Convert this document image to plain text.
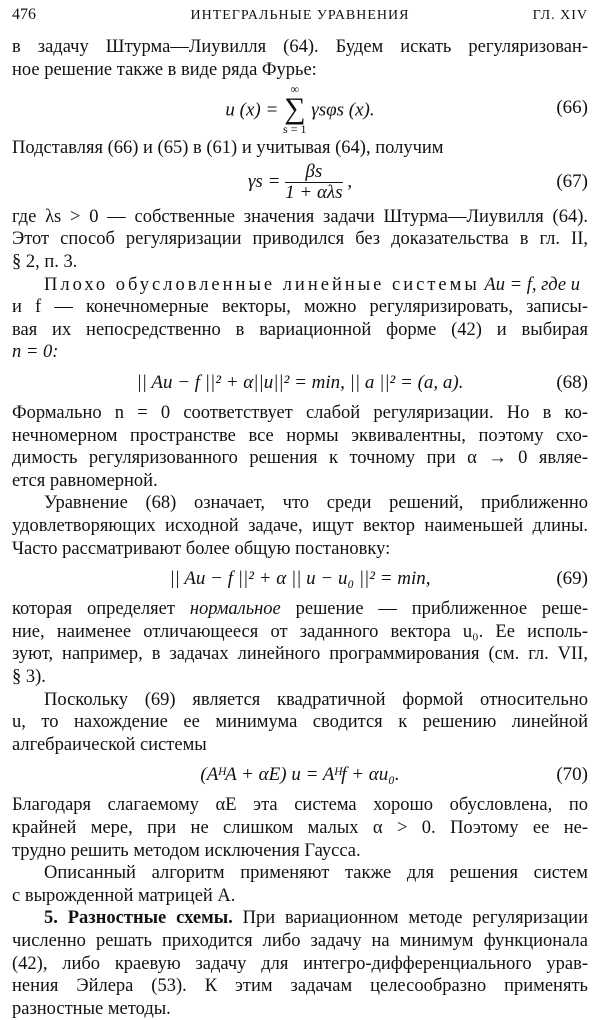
476	ИНТЕГРАЛЬНЫЕ УРАВНЕНИЯ	ГЛ. XIV
в задачу Штурма—Лиувилля (64). Будем искать регуляризован-
ное решение также в виде ряда Фурье:
u (x) =
∞
∑
s = 1
γsφs (x).	(66)
Подставляя (66) и (65) в (61) и учитывая (64), получим
$\gamma s = \frac{\beta s}{\text{1 + αλs}}$ ,	(67)
где λs > 0 — собственные значения задачи Штурма—Лиувилля (64).
Этот способ регуляризации приводился без доказательства в гл. II,
§ 2, п. 3.
Плохо обусловленные линейные системы Au = f, где u
и f — конечномерные векторы, можно регуляризировать, записы-
вая их непосредственно в вариационной форме (42) и выбирая
n = 0:
|| Au − f ||² + α||u||² = min, || a ||² = (a, a).	(68)
Формально n = 0 соответствует слабой регуляризации. Но в ко-
нечномерном пространстве все нормы эквивалентны, поэтому схо-
димость регуляризованного решения к точному при α → 0 являе-
ется равномерной.
Уравнение (68) означает, что среди решений, приближенно
удовлетворяющих исходной задаче, ищут вектор наименьшей длины.
Часто рассматривают более общую постановку:
|| Au − f ||² + α || u − u₀ ||² = min,	(69)
которая определяет нормальное решение — приближенное реше-
ние, наименее отличающееся от заданного вектора u₀. Ее исполь-
зуют, например, в задачах линейного программирования (см. гл. VII,
§ 3).
Поскольку (69) является квадратичной формой относительно
u, то нахождение ее минимума сводится к решению линейной
алгебраической системы
(AᴴA + αE) u = Aᴴf + αu₀.	(70)
Благодаря слагаемому αE эта система хорошо обусловлена, по
крайней мере, при не слишком малых α > 0. Поэтому ее не-
трудно решить методом исключения Гаусса.
Описанный алгоритм применяют также для решения систем
с вырожденной матрицей A.
5. Разностные схемы. При вариационном методе регуляризации
численно решать приходится либо задачу на минимум функционала
(42), либо краевую задачу для интегро-дифференциального урав-
нения Эйлера (53). К этим задачам целесообразно применять
разностные методы.
